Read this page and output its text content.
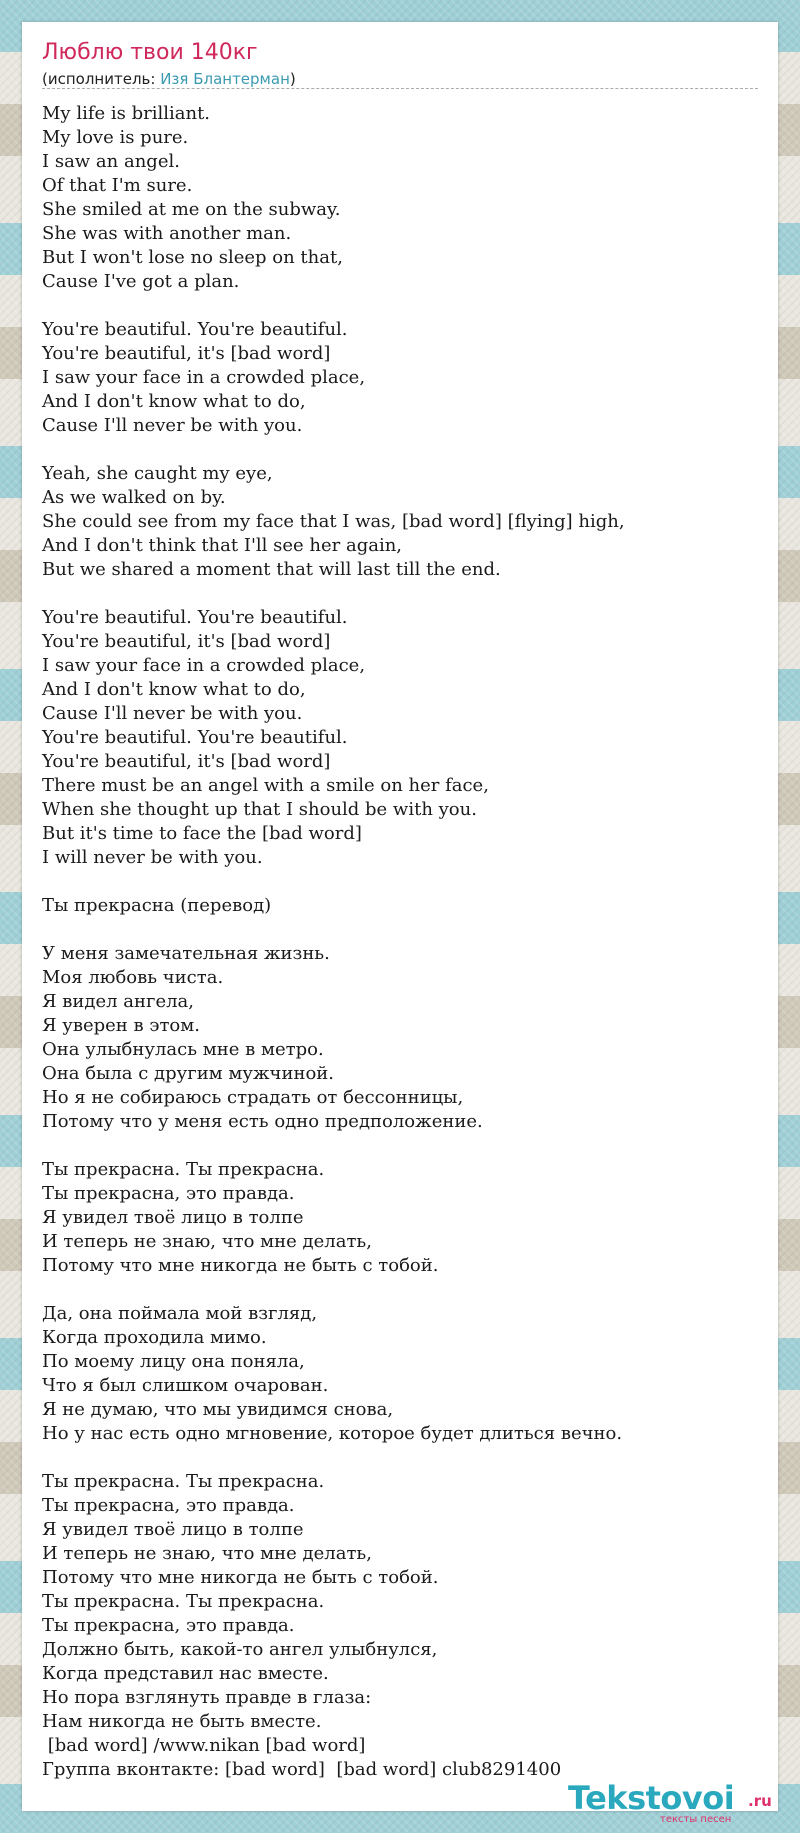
Люблю твои 140кг
(исполнитель: Изя Блантерман)
My life is brilliant.
My love is pure.
I saw an angel.
Of that I'm sure.
She smiled at me on the subway.
She was with another man.
But I won't lose no sleep on that,
Cause I've got a plan.

You're beautiful. You're beautiful.
You're beautiful, it's [bad word]
I saw your face in a crowded place,
And I don't know what to do,
Cause I'll never be with you.

Yeah, she caught my eye,
As we walked on by.
She could see from my face that I was, [bad word] [flying] high,
And I don't think that I'll see her again,
But we shared a moment that will last till the end.

You're beautiful. You're beautiful.
You're beautiful, it's [bad word]
I saw your face in a crowded place,
And I don't know what to do,
Cause I'll never be with you.
You're beautiful. You're beautiful.
You're beautiful, it's [bad word]
There must be an angel with a smile on her face,
When she thought up that I should be with you.
But it's time to face the [bad word]
I will never be with you.

Ты прекрасна (перевод)

У меня замечательная жизнь.
Моя любовь чиста.
Я видел ангела,
Я уверен в этом.
Она улыбнулась мне в метро.
Она была с другим мужчиной.
Но я не собираюсь страдать от бессонницы,
Потому что у меня есть одно предположение.

Ты прекрасна. Ты прекрасна.
Ты прекрасна, это правда.
Я увидел твоё лицо в толпе
И теперь не знаю, что мне делать,
Потому что мне никогда не быть с тобой.

Да, она поймала мой взгляд,
Когда проходила мимо.
По моему лицу она поняла,
Что я был слишком очарован.
Я не думаю, что мы увидимся снова,
Но у нас есть одно мгновение, которое будет длиться вечно.

Ты прекрасна. Ты прекрасна.
Ты прекрасна, это правда.
Я увидел твоё лицо в толпе
И теперь не знаю, что мне делать,
Потому что мне никогда не быть с тобой.
Ты прекрасна. Ты прекрасна.
Ты прекрасна, это правда.
Должно быть, какой-то ангел улыбнулся,
Когда представил нас вместе.
Но пора взглянуть правде в глаза:
Нам никогда не быть вместе.
[bad word] /www.nikan [bad word]
Группа вконтакте: [bad word]  [bad word] club8291400
Tekstovoi .ru
тексты песен
